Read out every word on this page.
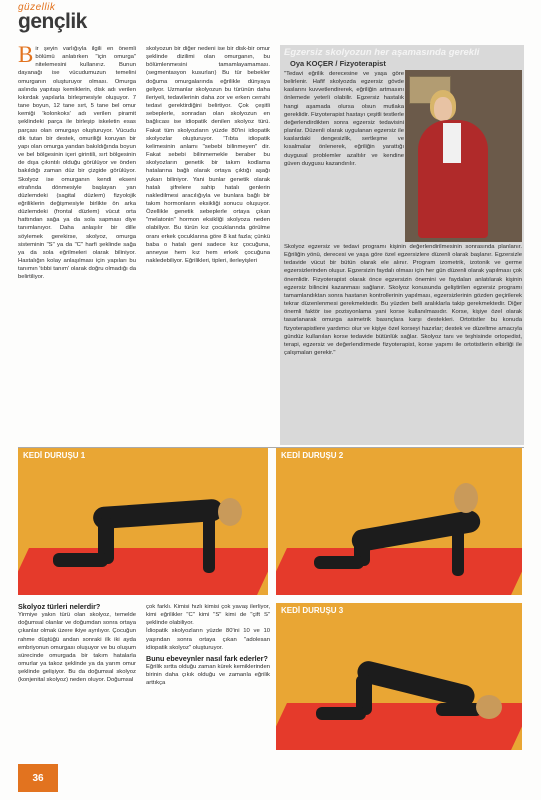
güzellik
gençlik
B ir şeyin varlığıyla ilgili en önemli bölümü anlatırken "için omurga" nitelemesini kullanırız. Bunun dayanağı ise vücudumuzun temelini omurganın oluşturuyor olması. Omurga aslında yapıtaşı kemiklerin, disk adı verilen kıkırdak yapılarla birleşmesiyle oluşuyor. 7 tane boyun, 12 tane sırt, 5 tane bel omur kemiği 'kolonkoks' adı verilen piramit şeklindeki parça ile birleşip iskeletin esas parçası olan omurgayı oluşturuyor. Vücudu dik tutan bir destek, omuriliği koruyan bir yapı olan omurga yandan bakıldığında boyun ve bel bölgesinin içeri girintili, sırt bölgesinin de dışa çıkıntılı olduğu görülüyor ve önden bakıldığı zaman düz bir çizgide görülüyor. Skolyoz ise omurganın kendi ekseni etrafında dönmesiyle başlayan yan düzlemdeki (sagital düzlem) fizyolojik eğriliklerin değişmesiyle birlikte ön arka düzlemdeki (frontal düzlem) vücut orta hattından sağa ya da sola sapması diye tanımlanıyor. Daha anlaşılır bir dille söylemek gerekirse, skolyoz, omurga sisteminin "S" ya da "C" harfi şeklinde sağa ya da sola eğrilmeleri olarak biliniyor. Hastalığın kolay anlaşılması için yapıları bu tanımın 'tıbbi tanım' olarak doğru olmadığı da belirtiliyor.
skolyozun bir diğer nedeni ise bir disk-bir omur şeklinde dizilimi olan omurganın, bu bölümlenmesini tamamlayamaması. (segmentasyon kusurları) Bu tür bebekler doğuma omurgalarında eğrilikle dünyaya geliyor. Uzmanlar skolyozun bu türünün daha ileriyeli, tedavilerinin daha zor ve erken cerrahi tedavi gerektirdiğini belirtiyor. Çok çeşitli sebeplerle, sonradan olan skolyozun en bağlıcası ise idiopatik denilen skolyoz türü. Fakat tüm skolyozların yüzde 80'ini idiopatik skolyozlar oluşturuyor. 'Tıbta idiopatik kelimesinin anlamı "sebebi bilinmeyen" dir. Fakat sebebi bilinmemekle beraber bu skolyozların genetik bir takım kodlama hatalarına bağlı olarak ortaya çıktığı aşağı yukarı biliniyor. Yani bunlar genetik olarak hatalı şifrelere sahip hatalı genlerin nakledilmesi aracılığıyla ve bunlara bağlı bir takım hormonların eksikliği sonucu oluşuyor. Özellikle genetik sebeplerle ortaya çıkan "melatonin" hormon eksikliği skolyoza neden olabiliyor. Bu türün kız çocuklarında görülme oranı erkek çocuklarına göre 8 kat fazla; çünkü baba o hatalı geni sadece kız çocuğuna, anneyse hem kız hem erkek çocuğuna nakledebiliyor. Eğrilikleri, tipleri, ilerleyişleri
Egzersiz skolyozun her aşamasında gerekli
Oya KOÇER / Fizyoterapist
"Tedavi eğrilik derecesine ve yaşa göre belirlenir. Hafif skolyozda egzersiz gövde kaslarını kuvvetlendirerek, eğriliğin artmasını önlemede yeterli olabilir. Egzersiz hastalık hangi aşamada olursa olsun mutlaka gereklidir. Fizyoterapist hastayı çeşitli testlerle değerlendirdikten sonra egzersiz tedavisini planlar. Düzenli olarak uygulanan egzersiz ile kaslardaki dengesizlik, sertleşme ve kısalmalar önlenerek, eğriliğin yarattığı duygusal problemler azaltılır ve kendine güven duygusu kazandırılır.
Skolyoz egzersiz ve tedavi programı kişinin değerlendirilmesinin sonrasında planlanır. Eğriliğin yönü, derecesi ve yaşa göre özel egzersizlere düzenli olarak başlanır. Egzersizle tedavide vücut bir bütün olarak ele alınır. Program izometrik, izotonik ve germe egzersizlerinden oluşur. Egzersizin faydalı olması için her gün düzenli olarak yapılması çok önemlidir. Fizyoterapist olarak önce egzersizin önemini ve faydaları anlatılarak kişinin egzersiz bilincini kazanması sağlanır. Skolyoz konusunda geliştirilen egzersiz programı tamamlandıktan sonra hastanın kontrollerinin yapılması, egzersizlerinin gözden geçirilerek tekrar düzenlenmesi gerekmektedir. Bu yüzden belli aralıklarla takip gerekmektedir. Diğer önemli faktör ise pozisyonlama yani korse kullanılmasıdır. Korse, kişiye özel olarak tasarlanarak omurga asimetrik basınçlara karşı destekleri. Ortotistler bu konuda fizyoterapistlere yardımcı olur ve kişiye özel korseyi hazırlar; destek ve düzeltme amacıyla gündüz kullanılan korse tedavide bütünlük sağlar. Skolyoz tanı ve teşhisinde ortopedist, terapi, egzersiz ve değerlendirmede fizyoterapist, korse yapımı ile ortotistlerin elbirliği ile çalışmaları gerekir."
KEDİ DURUŞU 1	KEDİ DURUŞU 2
Skolyoz türleri nelerdir?
Yirmiye yakın türü olan skolyoz, temelde doğumsal olanlar ve doğumdan sonra ortaya çıkanlar olmak üzere ikiye ayrılıyor. Çocuğun rahme düştüğü andan sonraki ilk iki ayda embriyonun omurgası oluşuyor ve bu oluşum sürecinde omurgada bir takım hatalarla omurlar ya takoz şeklinde ya da yarım omur şeklinde gelişiyor. Bu da doğumsal skolyoz (konjenital skolyoz) neden oluyor. Doğumsal

çok farklı. Kimisi hızlı kimisi çok yavaş ilerliyor, kimi eğrilikler "C" kimi "S" kimi de "çift S" şeklinde olabiliyor.

İdiopatik skolyozların yüzde 80'ini 10 ve 10 yaşından sonra ortaya çıkan "adolesan idiopatik skolyoz" oluşturuyor.

Bunu ebeveynler nasıl fark ederler?

Eğrilik sırtta olduğu zaman kürek kemiklerinden birinin daha çıkık olduğu ve zamanla eğrilik arttıkça

KEDİ DURUŞU 3
36
